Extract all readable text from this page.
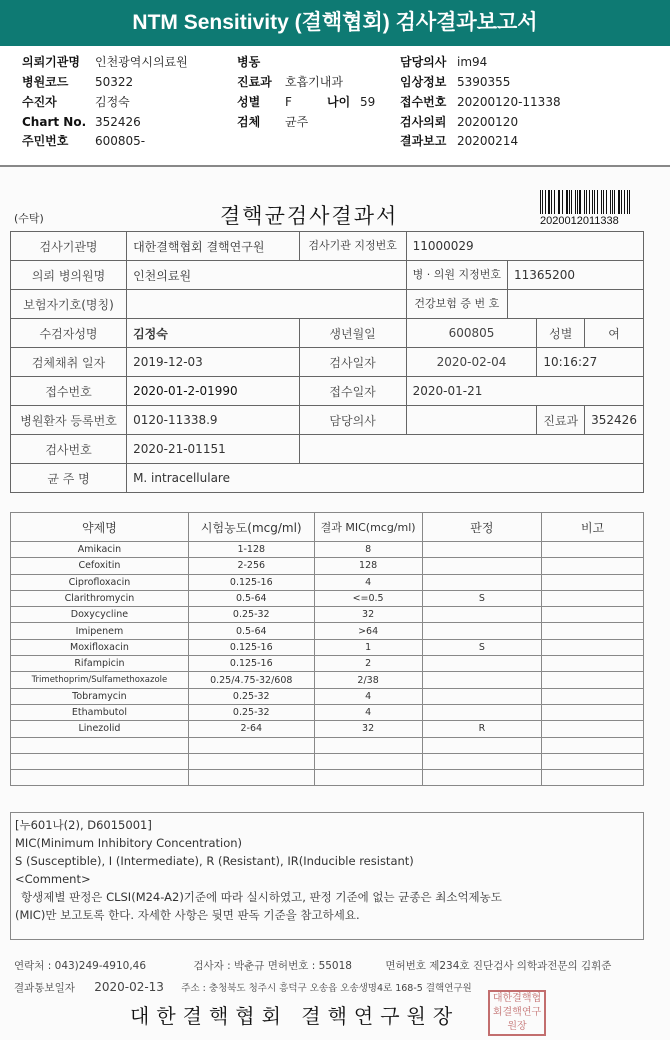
NTM Sensitivity (결핵협회) 검사결과보고서
의뢰기관명 인천광역시의료원
병원코드 50322
수진자	김정숙
Chart No. 352426
주민번호 600805-
병동
진료과 호흡기내과
성별 F	나이 59
검체 균주
담당의사 im94
임상정보 5390355
접수번호 20200120-11338
검사의뢰 20200120
결과보고 20200214
2020012011338
(수탁)	결핵균검사결과서
검사기관명	대한결핵협회 결핵연구원	검사기관 지정번호	11000029			
의뢰 병의원명	인천의료원		병 · 의원 지정번호	11365200		
보험자기호(명칭)			건강보험 증 번 호			
수검자성명	김정숙	생년월일	600805		성별	여
검체채취 일자	2019-12-03	검사일자	2020-02-04		10:16:27	
접수번호	2020-01-2-01990	접수일자	2020-01-21			
병원환자 등록번호	0120-11338.9	담당의사			진료과	352426
검사번호	2020-21-01151					
균 주 명	M. intracellulare					
약제명	시험농도(mcg/ml)	결과 MIC(mcg/ml)	판정	비고
Amikacin	1-128	8		
Cefoxitin	2-256	128		
Ciprofloxacin	0.125-16	4		
Clarithromycin	0.5-64	<=0.5	S	
Doxycycline	0.25-32	32		
Imipenem	0.5-64	>64		
Moxifloxacin	0.125-16	1	S	
Rifampicin	0.125-16	2		
Trimethoprim/Sulfamethoxazole	0.25/4.75-32/608	2/38		
Tobramycin	0.25-32	4		
Ethambutol	0.25-32	4		
Linezolid	2-64	32	R	

[누601나(2), D6015001]
MIC(Minimum Inhibitory Concentration)
S (Susceptible), I (Intermediate), R (Resistant), IR(Inducible resistant)
<Comment>
항생제별 판정은 CLSI(M24-A2)기준에 따라 실시하였고, 판정 기준에 없는 균종은 최소억제농도
(MIC)만 보고토록 한다. 자세한 사항은 뒷면 판독 기준을 참고하세요.
연락처 : 043)249-4910,46	검사자 : 박춘규 면허번호 : 55018	면허번호 제234호 진단검사 의학과전문의 김휘준
결과통보일자 2020-02-13 주소 : 충청북도 청주시 흥덕구 오송읍 오송생명4로 168-5 결핵연구원
대한결핵협회 결핵연구원장
대한결핵협회결핵연구원장
